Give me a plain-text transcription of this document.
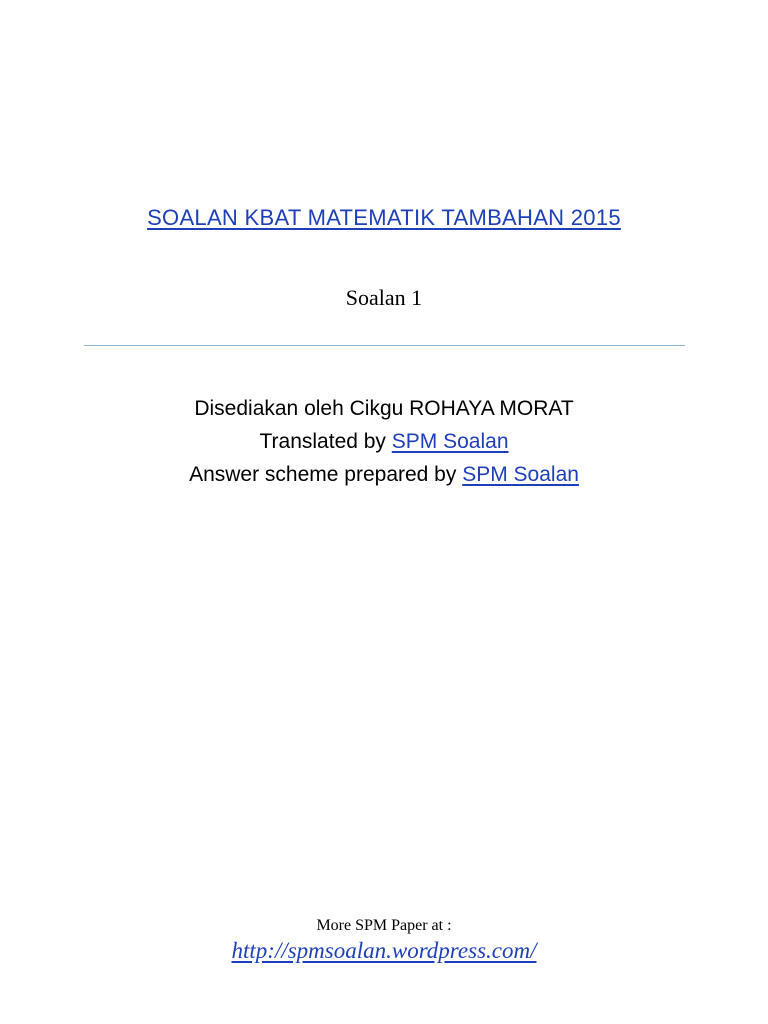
SOALAN KBAT MATEMATIK TAMBAHAN 2015
Soalan 1
Disediakan oleh Cikgu ROHAYA MORAT
Translated by SPM Soalan
Answer scheme prepared by SPM Soalan
More SPM Paper at :
http://spmsoalan.wordpress.com/
